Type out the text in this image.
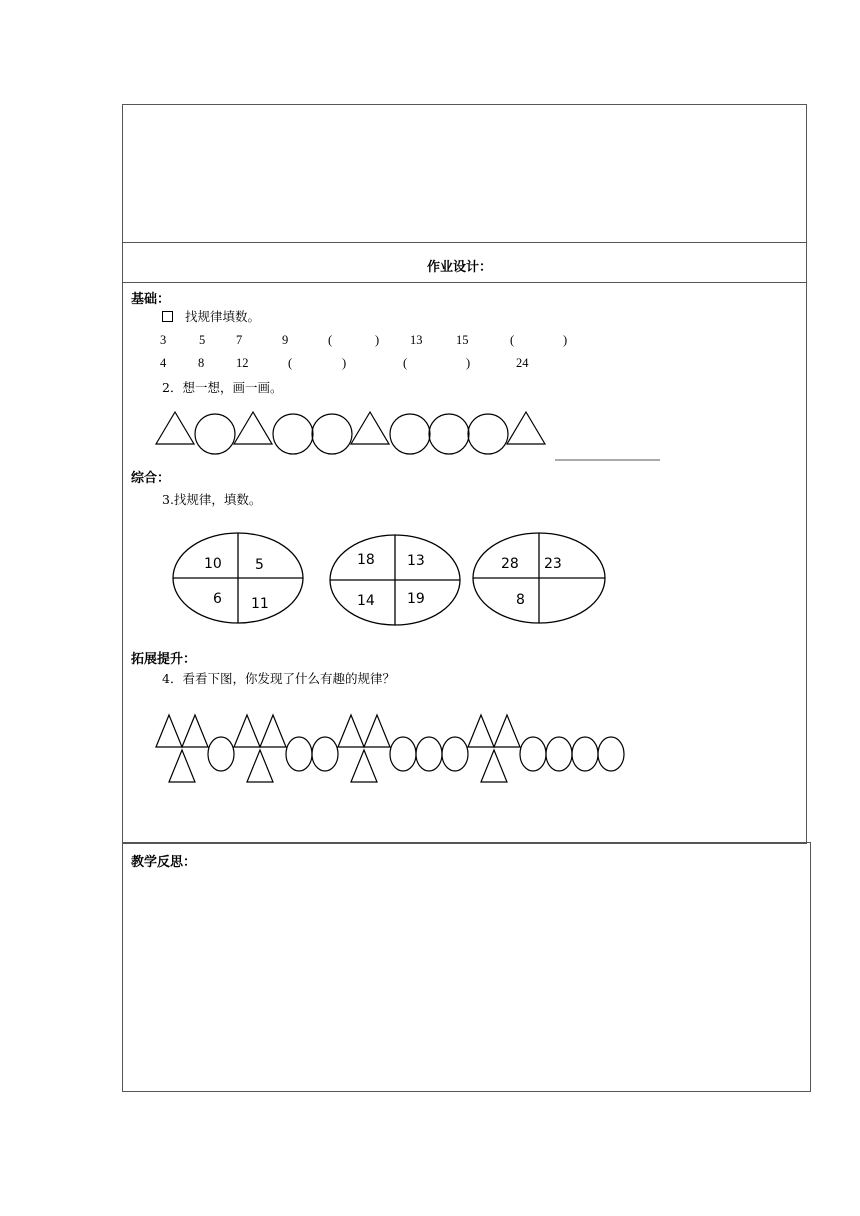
作业设计：
基础：
找规律填数。
3	5 7	9	(	) 13	15	(	)
4	8	12	(	)	(	)	24
2．想一想，画一画。
综合：
3.找规律，填数。
10 5
6 11
18 13
14 19
28 23
8
拓展提升：
4．看看下图，你发现了什么有趣的规律？
教学反思：
